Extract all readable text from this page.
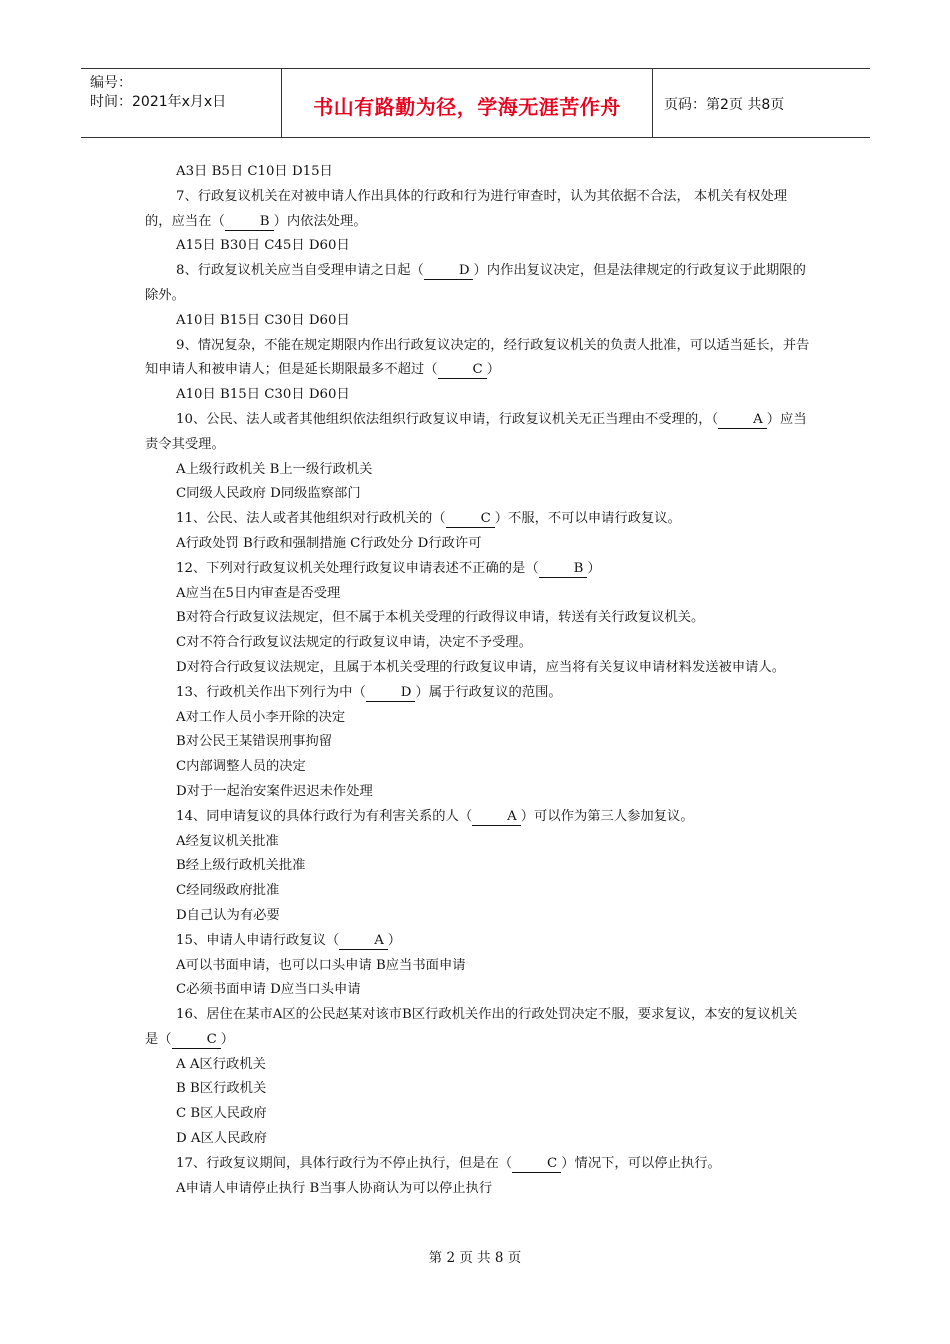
编号：
时间：2021年x月x日	书山有路勤为径，学海无涯苦作舟	页码：第2页 共8页

A3日 B5日 C10日 D15日

7、行政复议机关在对被申请人作出具体的行政和行为进行审查时，认为其依据不合法， 本机关有权处理的，应当在（	B ）内依法处理。

A15日 B30日 C45日 D60日

8、行政复议机关应当自受理申请之日起（	D ）内作出复议决定，但是法律规定的行政复议于此期限的除外。

A10日 B15日 C30日 D60日

9、情况复杂，不能在规定期限内作出行政复议决定的，经行政复议机关的负责人批准，可以适当延长，并告知申请人和被申请人；但是延长期限最多不超过（	C ）

A10日 B15日 C30日 D60日

10、公民、法人或者其他组织依法组织行政复议申请，行政复议机关无正当理由不受理的，（	A ）应当责令其受理。

A上级行政机关 B上一级行政机关

C同级人民政府 D同级监察部门

11、公民、法人或者其他组织对行政机关的（	C ）不服，不可以申请行政复议。

A行政处罚 B行政和强制措施 C行政处分 D行政许可

12、下列对行政复议机关处理行政复议申请表述不正确的是（	B ）

A应当在5日内审查是否受理

B对符合行政复议法规定，但不属于本机关受理的行政得议申请，转送有关行政复议机关。

C对不符合行政复议法规定的行政复议申请，决定不予受理。

D对符合行政复议法规定，且属于本机关受理的行政复议申请，应当将有关复议申请材料发送被申请人。

13、行政机关作出下列行为中（	D ）属于行政复议的范围。

A对工作人员小李开除的决定

B对公民王某错误刑事拘留

C内部调整人员的决定

D对于一起治安案件迟迟未作处理

14、同申请复议的具体行政行为有利害关系的人（	A ）可以作为第三人参加复议。

A经复议机关批准

B经上级行政机关批准

C经同级政府批准

D自己认为有必要

15、申请人申请行政复议（	A ）

A可以书面申请，也可以口头申请 B应当书面申请

C必须书面申请 D应当口头申请

16、居住在某市A区的公民赵某对该市B区行政机关作出的行政处罚决定不服，要求复议，本安的复议机关是（	C ）

A A区行政机关

B B区行政机关

C B区人民政府

D A区人民政府

17、行政复议期间，具体行政行为不停止执行，但是在（	C ）情况下，可以停止执行。

A申请人申请停止执行 B当事人协商认为可以停止执行

第 2 页 共 8 页
